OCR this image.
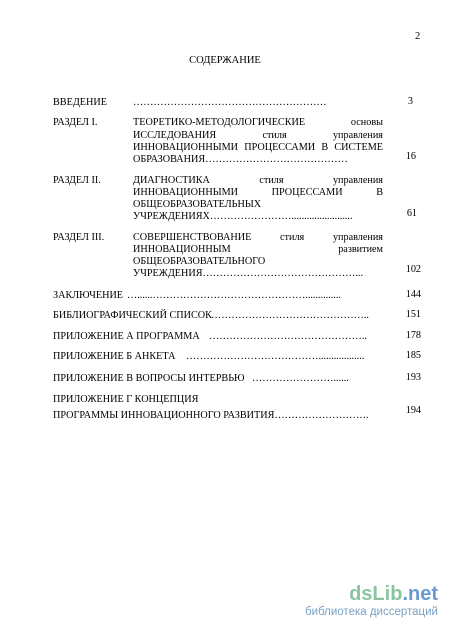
2
СОДЕРЖАНИЕ
ВВЕДЕНИЕ	…………………………………………………	3
РАЗДЕЛ I.	ТЕОРЕТИКО-МЕТОДОЛОГИЧЕСКИЕ основы
ИССЛЕДОВАНИЯ стиля управления
ИННОВАЦИОННЫМИ ПРОЦЕССАМИ В СИСТЕМЕ
ОБРАЗОВАНИЯ……………………………………	16
РАЗДЕЛ II.	ДИАГНОСТИКА стиля управления
ИННОВАЦИОННЫМИ ПРОЦЕССАМИ В
ОБЩЕОБРАЗОВАТЕЛЬНЫХ
УЧРЕЖДЕНИЯХ……………………........................	61
РАЗДЕЛ III.	СОВЕРШЕНСТВОВАНИЕ стиля управления
ИННОВАЦИОННЫМ развитием
ОБЩЕОБРАЗОВАТЕЛЬНОГО
УЧРЕЖДЕНИЯ………………………………………...	102
ЗАКЛЮЧЕНИЕ …......………………………………………..............	144
БИБЛИОГРАФИЧЕСКИЙ СПИСОК ………………………………………..	151
ПРИЛОЖЕНИЕ А ПРОГРАММА ………………………………………..	178
ПРИЛОЖЕНИЕ Б АНКЕТА …………………………………..................	185
ПРИЛОЖЕНИЕ В ВОПРОСЫ ИНТЕРВЬЮ ……………………......	193
ПРИЛОЖЕНИЕ Г КОНЦЕПЦИЯ
ПРОГРАММЫ ИННОВАЦИОННОГО РАЗВИТИЯ……………………….	194
dsLib.net
библиотека диссертаций
